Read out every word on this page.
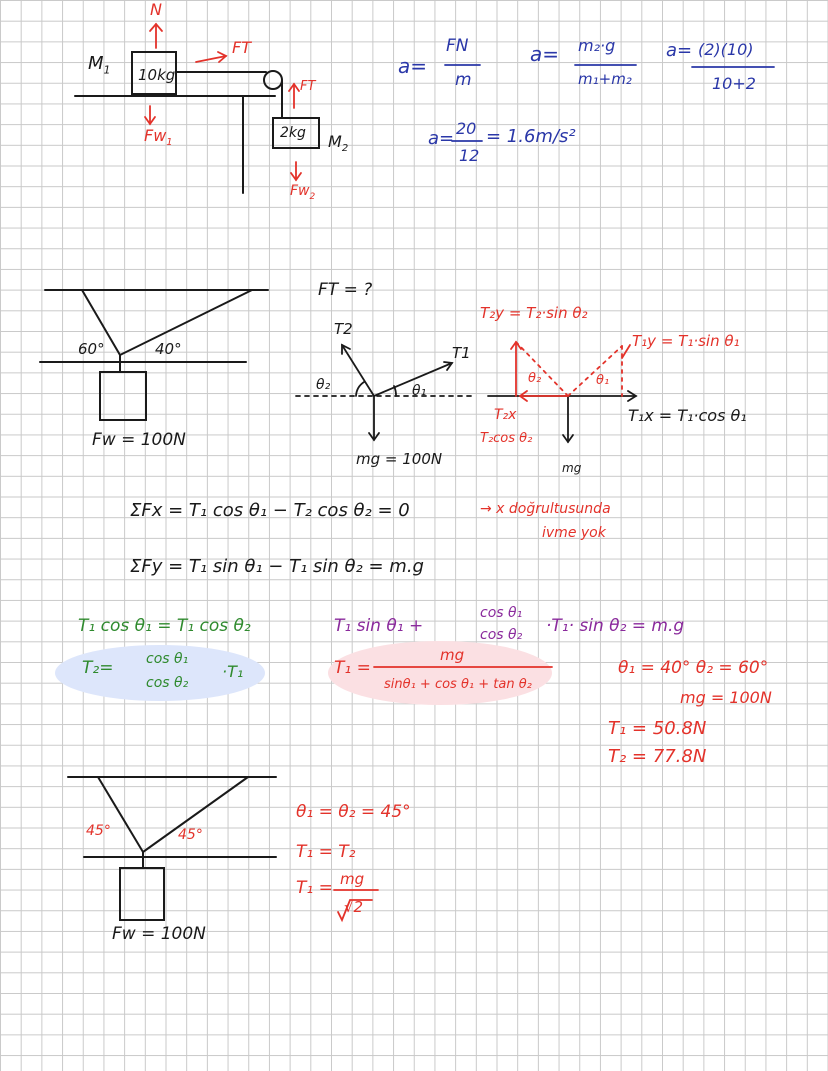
N
$M_1$ 10kg
FT
FT
$Fw_1$
2kg $M_2$
$Fw_2$
a=
FN
m
a= m₂·g
m₁+m₂
a= (2)(10)
10+2
a= 20
12
= 1.6m/s²
60°	40°
Fw = 100N
FT = ?
T2
T1
θ₂	θ₁
mg = 100N
T₂y = T₂·sin θ₂
T₁y = T₁·sin θ₁
θ₂	θ₁
T₂x
T₂cos θ₂
T₁x = T₁·cos θ₁
mg
ΣFx = T₁ cos θ₁ − T₂ cos θ₂ = 0	→ x doğrultusunda
ivme yok
ΣFy = T₁ sin θ₁ − T₁ sin θ₂ = m.g
T₁ cos θ₁ = T₁ cos θ₂
T₂= cos θ₁
cos θ₂
·T₁
T₁ sin θ₁ +
cos θ₁
cos θ₂ ·T₁· sin θ₂ = m.g
T₁ =
mg
sinθ₁ + cos θ₁ + tan θ₂
θ₁ = 40° θ₂ = 60°
mg = 100N
T₁ = 50.8N
T₂ = 77.8N
45°	45°
Fw = 100N
θ₁ = θ₂ = 45°
T₁ = T₂
T₁ = mg
√2
